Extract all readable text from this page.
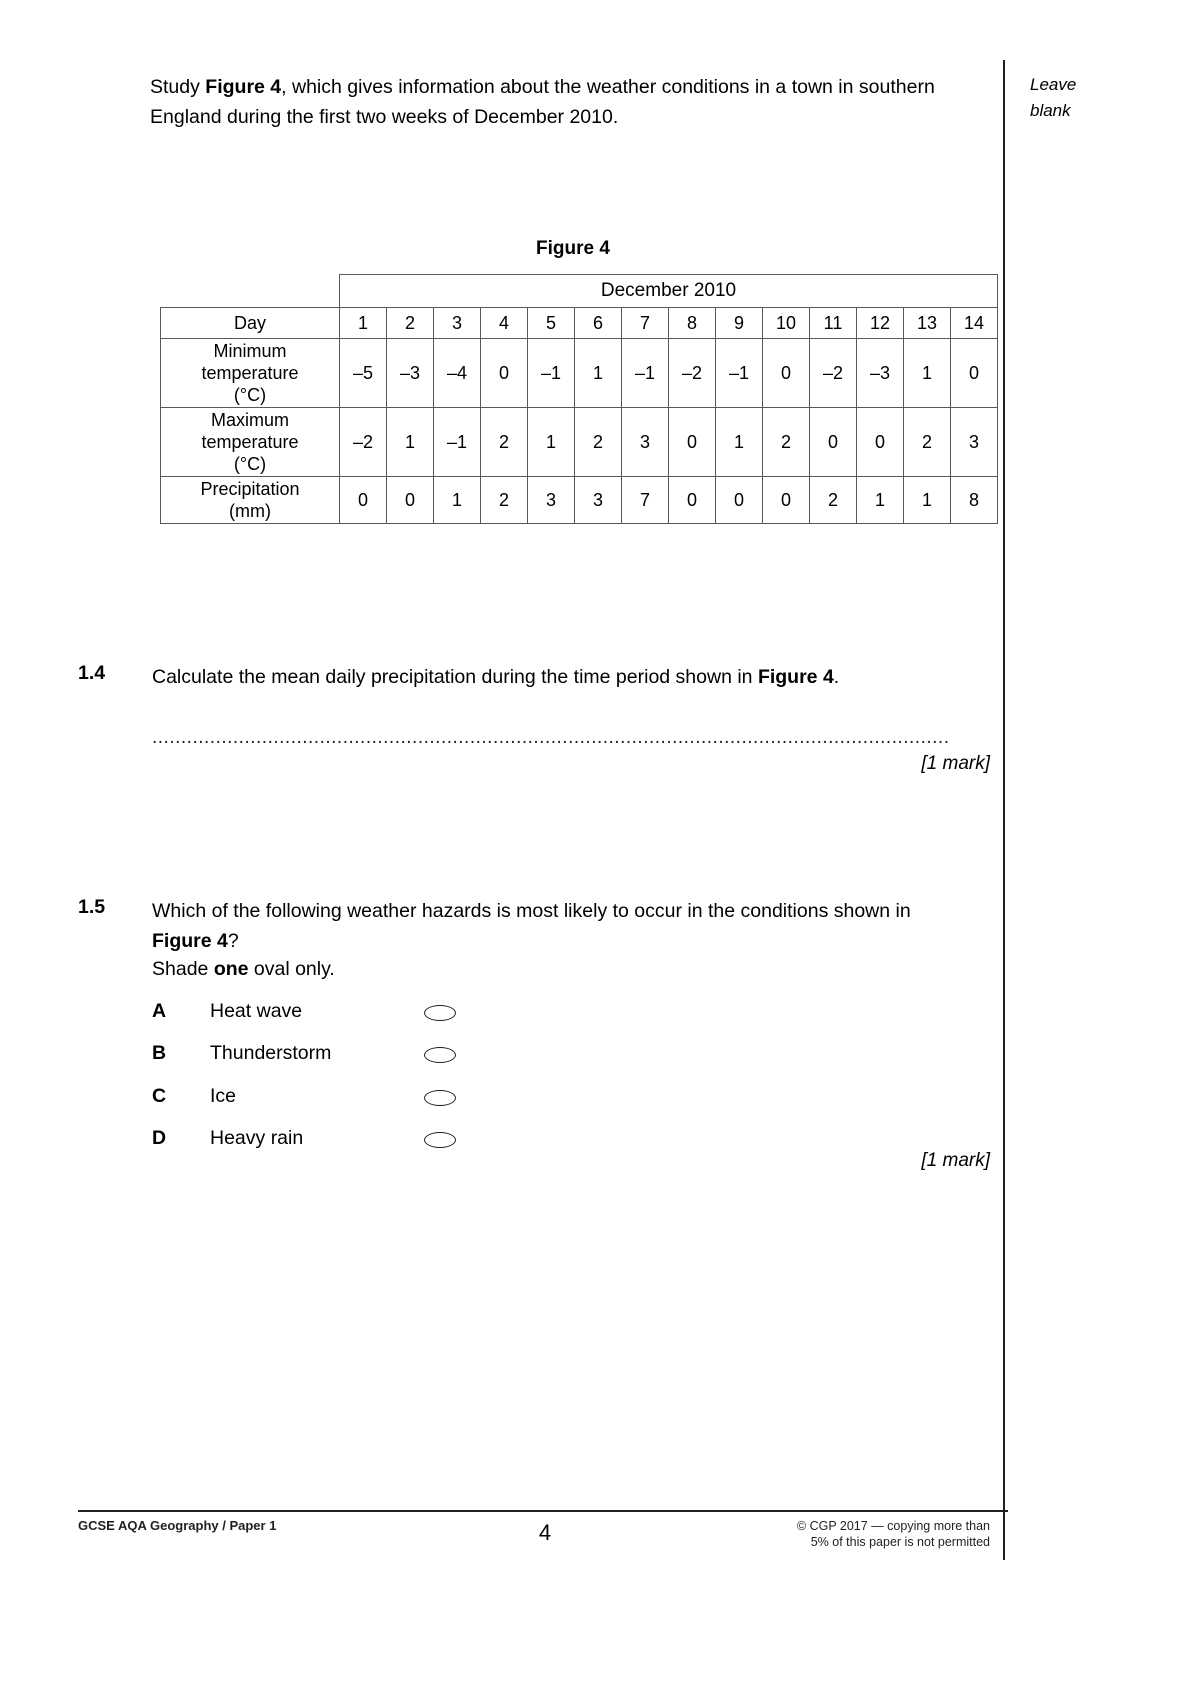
Leave
blank
Study Figure 4, which gives information about the weather conditions in a town in southern England during the first two weeks of December 2010.
Figure 4
	December 2010													
Day	1	2	3	4	5	6	7	8	9	10	11	12	13	14

Minimum
temperature
(°C)	–5	–3	–4	0	–1	1	–1	–2	–1	0	–2	–3	1	0

Maximum
temperature
(°C)	–2	1	–1	2	1	2	3	0	1	2	0	0	2	3

Precipitation
(mm)	0	0	1	2	3	3	7	0	0	0	2	1	1	8
1.4	Calculate the mean daily precipitation during the time period shown in Figure 4.
..........................................................................................................................................
[1 mark]
1.5	Which of the following weather hazards is most likely to occur in the conditions shown in Figure 4?
Shade one oval only.
A Heat wave
B Thunderstorm
C Ice
D Heavy rain
[1 mark]
GCSE AQA Geography / Paper 1	4	© CGP 2017 — copying more than
5% of this paper is not permitted
